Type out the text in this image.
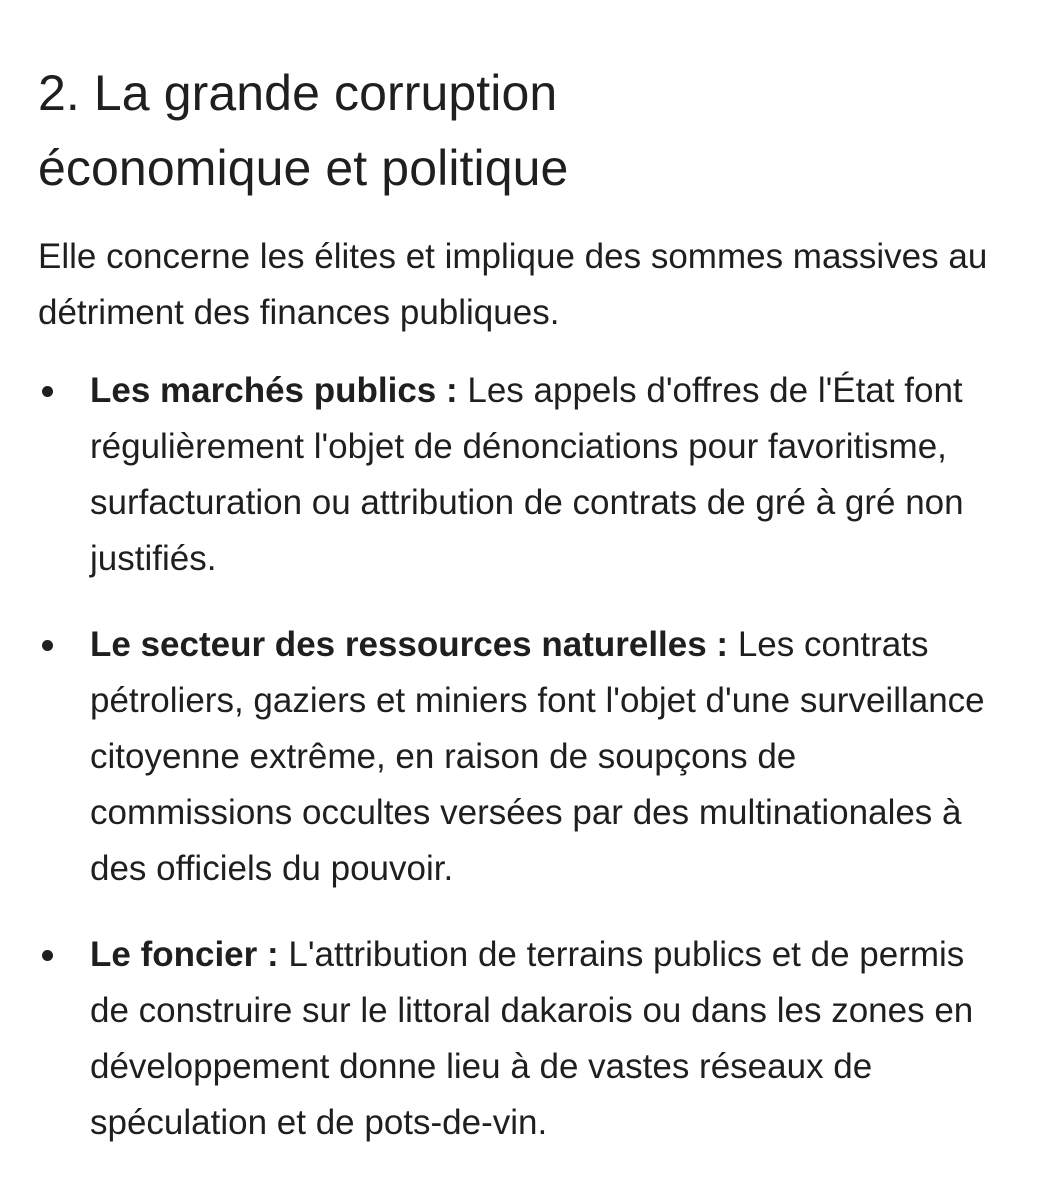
2. La grande corruption
économique et politique

Elle concerne les élites et implique des sommes massives au détriment des finances publiques.

Les marchés publics : Les appels d'offres de l'État font régulièrement l'objet de dénonciations pour favoritisme, surfacturation ou attribution de contrats de gré à gré non justifiés.
Le secteur des ressources naturelles : Les contrats pétroliers, gaziers et miniers font l'objet d'une surveillance citoyenne extrême, en raison de soupçons de commissions occultes versées par des multinationales à des officiels du pouvoir.
Le foncier : L'attribution de terrains publics et de permis de construire sur le littoral dakarois ou dans les zones en développement donne lieu à de vastes réseaux de spéculation et de pots-de-vin.
